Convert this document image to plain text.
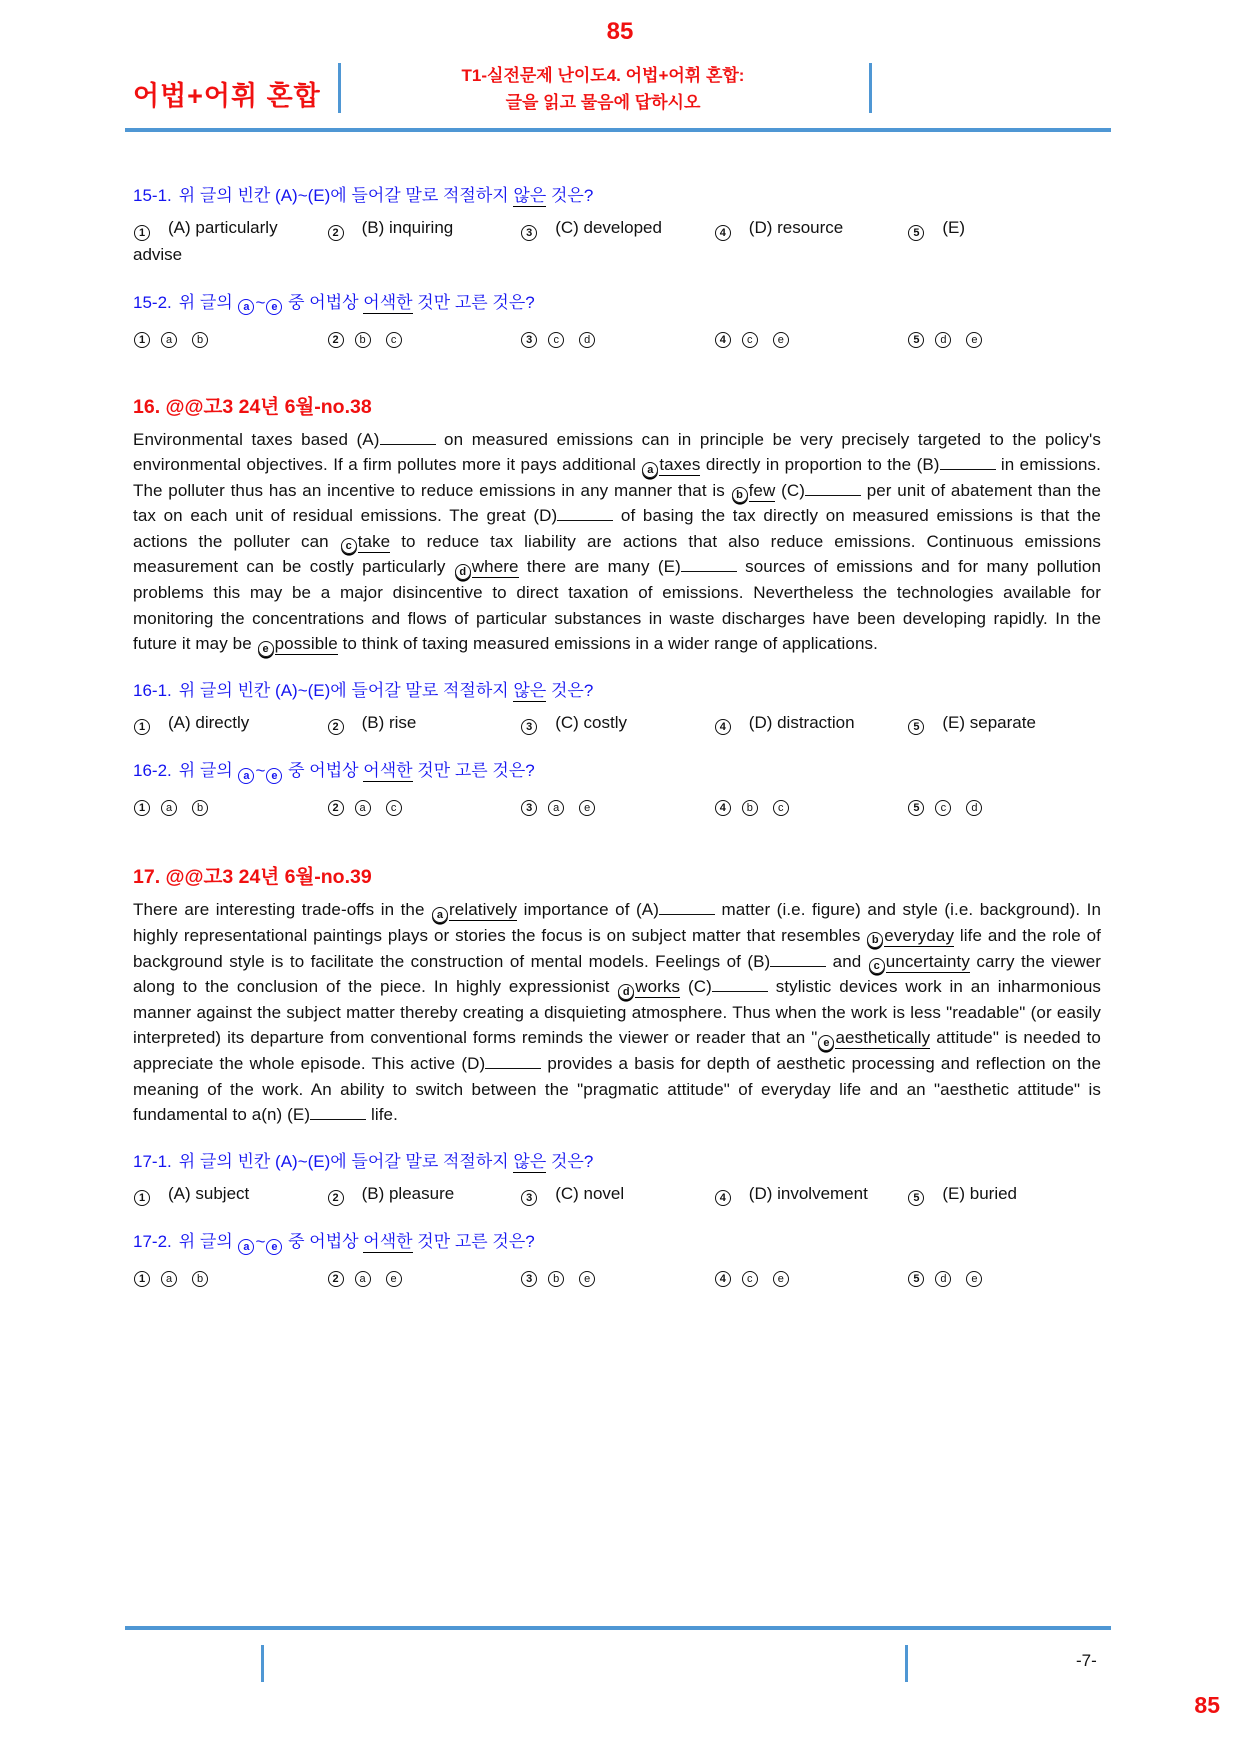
85
어법+어휘 혼합
T1-실전문제 난이도4. 어법+어휘 혼합:
글을 읽고 물음에 답하시오
15-1. 위 글의 빈칸 (A)~(E)에 들어갈 말로 적절하지 않은 것은?
1 (A) particularly	2 (B) inquiring	3 (C) developed	4 (D) resource	5 (E)
advise
15-2. 위 글의 a ~ e 중 어법상 어색한 것만 고른 것은?
1 a b	2 b c	3 c d	4 c e	5 d e
16. @@고3 24년 6월-no.38
Environmental taxes based (A)	on measured emissions can in principle be very precisely targeted to the policy's environmental objectives. If a firm pollutes more it pays additional a taxes directly in proportion to the (B)	in emissions. The polluter thus has an incentive to reduce emissions in any manner that is b few (C)	per unit of abatement than the tax on each unit of residual emissions. The great (D)	of basing the tax directly on measured emissions is that the actions the polluter can c take to reduce tax liability are actions that also reduce emissions. Continuous emissions measurement can be costly particularly d where there are many (E)	sources of emissions and for many pollution problems this may be a major disincentive to direct taxation of emissions. Nevertheless the technologies available for monitoring the concentrations and flows of particular substances in waste discharges have been developing rapidly. In the future it may be e possible to think of taxing measured emissions in a wider range of applications.
16-1. 위 글의 빈칸 (A)~(E)에 들어갈 말로 적절하지 않은 것은?
1 (A) directly	2 (B) rise	3 (C) costly	4 (D) distraction	5 (E) separate
16-2. 위 글의 a ~ e 중 어법상 어색한 것만 고른 것은?
1 a b	2 a c	3 a e	4 b c	5 c d
17. @@고3 24년 6월-no.39
There are interesting trade-offs in the a relatively importance of (A)	matter (i.e. figure) and style (i.e. background). In highly representational paintings plays or stories the focus is on subject matter that resembles b everyday life and the role of background style is to facilitate the construction of mental models. Feelings of (B)	and c uncertainty carry the viewer along to the conclusion of the piece. In highly expressionist d works (C)	stylistic devices work in an inharmonious manner against the subject matter thereby creating a disquieting atmosphere. Thus when the work is less "readable" (or easily interpreted) its departure from conventional forms reminds the viewer or reader that an " e aesthetically attitude" is needed to appreciate the whole episode. This active (D)	provides a basis for depth of aesthetic processing and reflection on the meaning of the work. An ability to switch between the "pragmatic attitude" of everyday life and an "aesthetic attitude" is fundamental to a(n) (E)	life.
17-1. 위 글의 빈칸 (A)~(E)에 들어갈 말로 적절하지 않은 것은?
1 (A) subject	2 (B) pleasure	3 (C) novel	4 (D) involvement	5 (E) buried
17-2. 위 글의 a ~ e 중 어법상 어색한 것만 고른 것은?
1 a b	2 a e	3 b e	4 c e	5 d e
-7-
85
